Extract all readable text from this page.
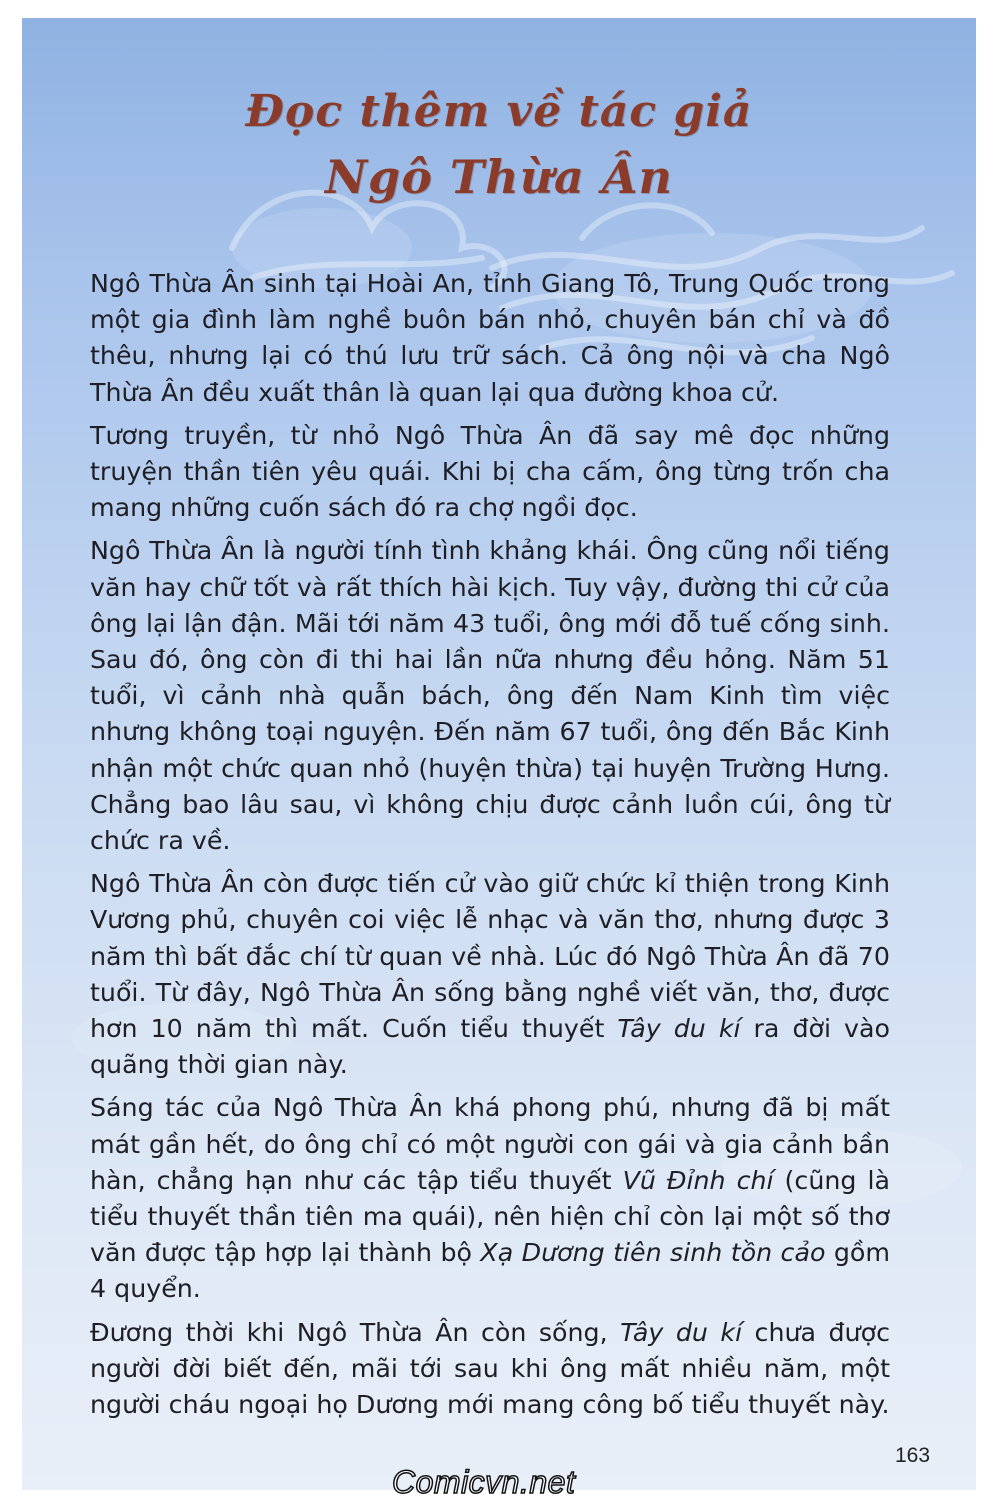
Đọc thêm về tác giả
Ngô Thừa Ân

Ngô Thừa Ân sinh tại Hoài An, tỉnh Giang Tô, Trung Quốc trong một gia đình làm nghề buôn bán nhỏ, chuyên bán chỉ và đồ thêu, nhưng lại có thú lưu trữ sách. Cả ông nội và cha Ngô Thừa Ân đều xuất thân là quan lại qua đường khoa cử.

Tương truyền, từ nhỏ Ngô Thừa Ân đã say mê đọc những truyện thần tiên yêu quái. Khi bị cha cấm, ông từng trốn cha mang những cuốn sách đó ra chợ ngồi đọc.

Ngô Thừa Ân là người tính tình khảng khái. Ông cũng nổi tiếng văn hay chữ tốt và rất thích hài kịch. Tuy vậy, đường thi cử của ông lại lận đận. Mãi tới năm 43 tuổi, ông mới đỗ tuế cống sinh. Sau đó, ông còn đi thi hai lần nữa nhưng đều hỏng. Năm 51 tuổi, vì cảnh nhà quẫn bách, ông đến Nam Kinh tìm việc nhưng không toại nguyện. Đến năm 67 tuổi, ông đến Bắc Kinh nhận một chức quan nhỏ (huyện thừa) tại huyện Trường Hưng. Chẳng bao lâu sau, vì không chịu được cảnh luồn cúi, ông từ chức ra về.

Ngô Thừa Ân còn được tiến cử vào giữ chức kỉ thiện trong Kinh Vương phủ, chuyên coi việc lễ nhạc và văn thơ, nhưng được 3 năm thì bất đắc chí từ quan về nhà. Lúc đó Ngô Thừa Ân đã 70 tuổi. Từ đây, Ngô Thừa Ân sống bằng nghề viết văn, thơ, được hơn 10 năm thì mất. Cuốn tiểu thuyết Tây du kí ra đời vào quãng thời gian này.

Sáng tác của Ngô Thừa Ân khá phong phú, nhưng đã bị mất mát gần hết, do ông chỉ có một người con gái và gia cảnh bần hàn, chẳng hạn như các tập tiểu thuyết Vũ Đỉnh chí (cũng là tiểu thuyết thần tiên ma quái), nên hiện chỉ còn lại một số thơ văn được tập hợp lại thành bộ Xạ Dương tiên sinh tồn cảo gồm 4 quyển.

Đương thời khi Ngô Thừa Ân còn sống, Tây du kí chưa được người đời biết đến, mãi tới sau khi ông mất nhiều năm, một người cháu ngoại họ Dương mới mang công bố tiểu thuyết này.

163
Comicvn.net
